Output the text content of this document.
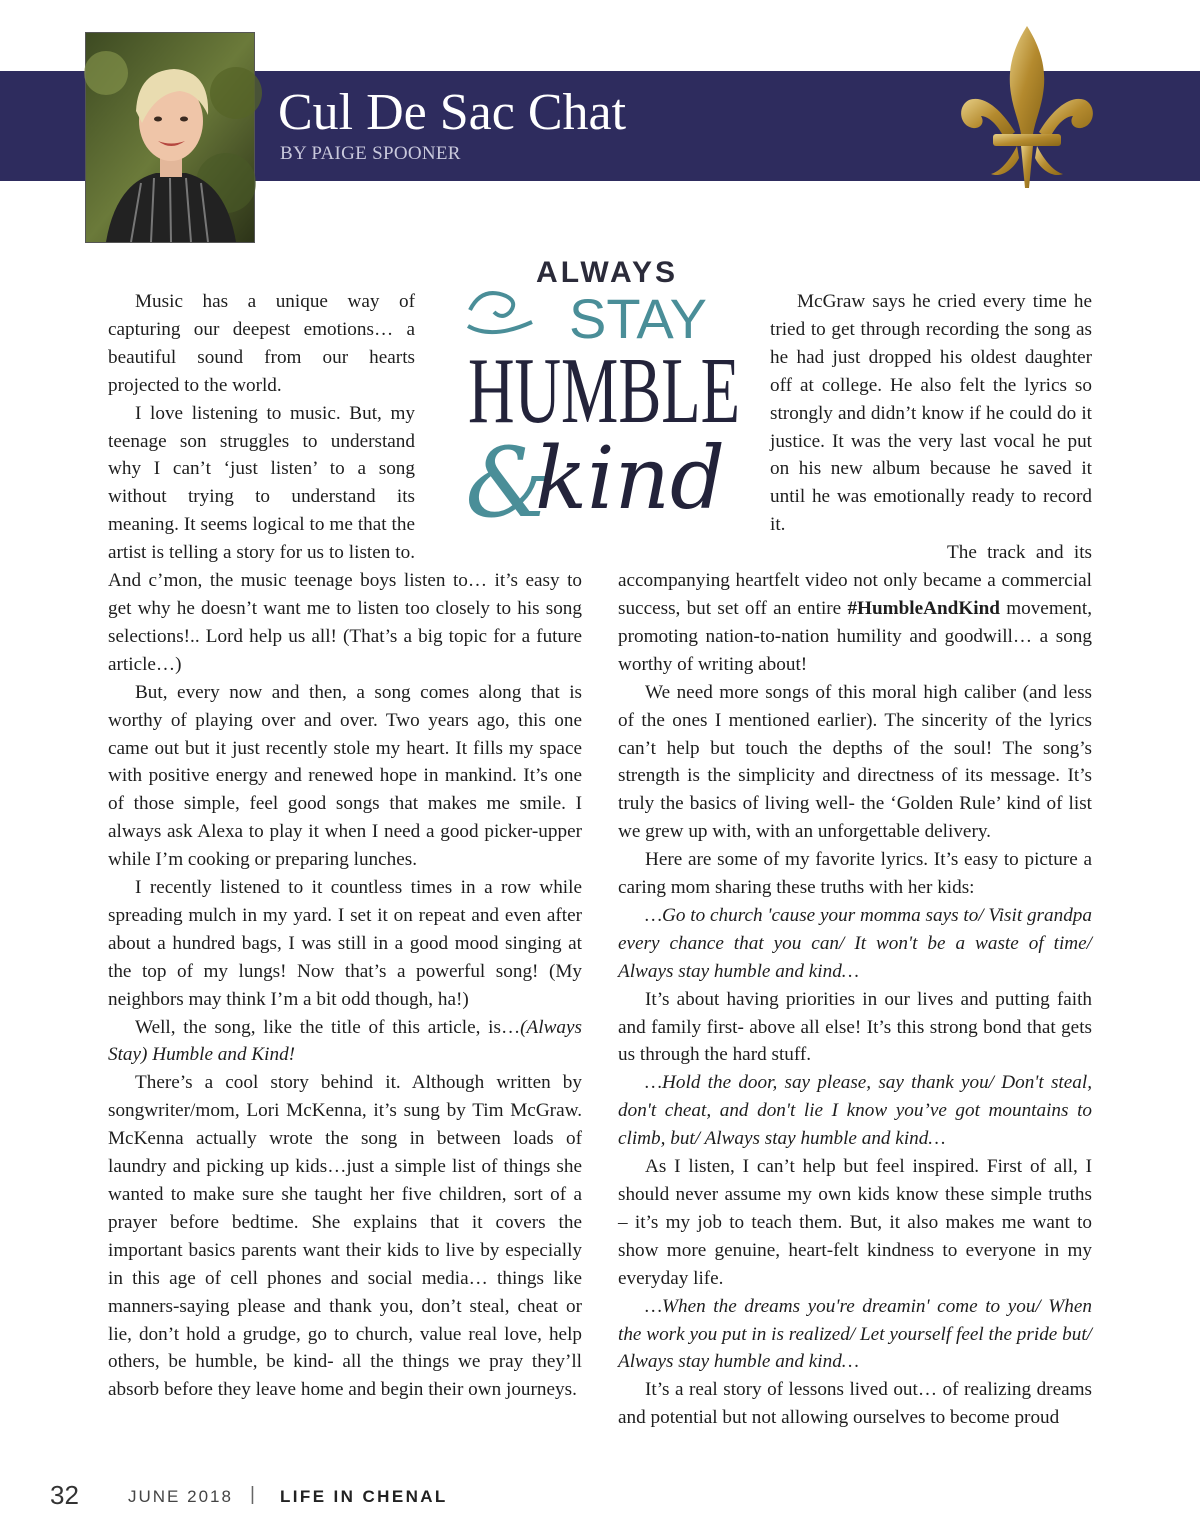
Cul De Sac Chat
BY PAIGE SPOONER
ALWAYS
STAY
HUMBLE
&
kind

Music has a unique way of capturing our deepest emotions… a beautiful sound from our hearts projected to the world.

I love listening to music. But, my teenage son struggles to understand why I can’t ‘just listen’ to a song without trying to understand its meaning. It seems logical to me that the artist is telling a story for us to listen to. And c’mon, the music teenage boys listen to… it’s easy to get why he doesn’t want me to listen too closely to his song selections!.. Lord help us all! (That’s a big topic for a future article…)

But, every now and then, a song comes along that is worthy of playing over and over. Two years ago, this one came out but it just recently stole my heart. It fills my space with positive energy and renewed hope in mankind. It’s one of those simple, feel good songs that makes me smile. I always ask Alexa to play it when I need a good picker-upper while I’m cooking or preparing lunches.

I recently listened to it countless times in a row while spreading mulch in my yard. I set it on repeat and even after about a hundred bags, I was still in a good mood singing at the top of my lungs! Now that’s a powerful song! (My neighbors may think I’m a bit odd though, ha!)

Well, the song, like the title of this article, is…(Always Stay) Humble and Kind!

There’s a cool story behind it. Although written by songwriter/mom, Lori McKenna, it’s sung by Tim McGraw. McKenna actually wrote the song in between loads of laundry and picking up kids…just a simple list of things she wanted to make sure she taught her five children, sort of a prayer before bedtime. She explains that it covers the important basics parents want their kids to live by especially in this age of cell phones and social media… things like manners-saying please and thank you, don’t steal, cheat or lie, don’t hold a grudge, go to church, value real love, help others, be humble, be kind- all the things we pray they’ll absorb before they leave home and begin their own journeys.

McGraw says he cried every time he tried to get through recording the song as he had just dropped his oldest daughter off at college. He also felt the lyrics so strongly and didn’t know if he could do it justice. It was the very last vocal he put on his new album because he saved it until he was emotionally ready to record it.

The track and its accompanying heartfelt video not only became a commercial success, but set off an entire #HumbleAndKind movement, promoting nation-to-nation humility and goodwill… a song worthy of writing about!

We need more songs of this moral high caliber (and less of the ones I mentioned earlier). The sincerity of the lyrics can’t help but touch the depths of the soul! The song’s strength is the simplicity and directness of its message. It’s truly the basics of living well- the ‘Golden Rule’ kind of list we grew up with, with an unforgettable delivery.

Here are some of my favorite lyrics. It’s easy to picture a caring mom sharing these truths with her kids:

…Go to church 'cause your momma says to/ Visit grandpa every chance that you can/ It won't be a waste of time/ Always stay humble and kind…

It’s about having priorities in our lives and putting faith and family first- above all else! It’s this strong bond that gets us through the hard stuff.

…Hold the door, say please, say thank you/ Don't steal, don't cheat, and don't lie I know you’ve got mountains to climb, but/ Always stay humble and kind…

As I listen, I can’t help but feel inspired. First of all, I should never assume my own kids know these simple truths – it’s my job to teach them. But, it also makes me want to show more genuine, heart-felt kindness to everyone in my everyday life.

…When the dreams you're dreamin' come to you/ When the work you put in is realized/ Let yourself feel the pride but/ Always stay humble and kind…

It’s a real story of lessons lived out… of realizing dreams and potential but not allowing ourselves to become proud

32	JUNE 2018 | LIFE IN CHENAL
